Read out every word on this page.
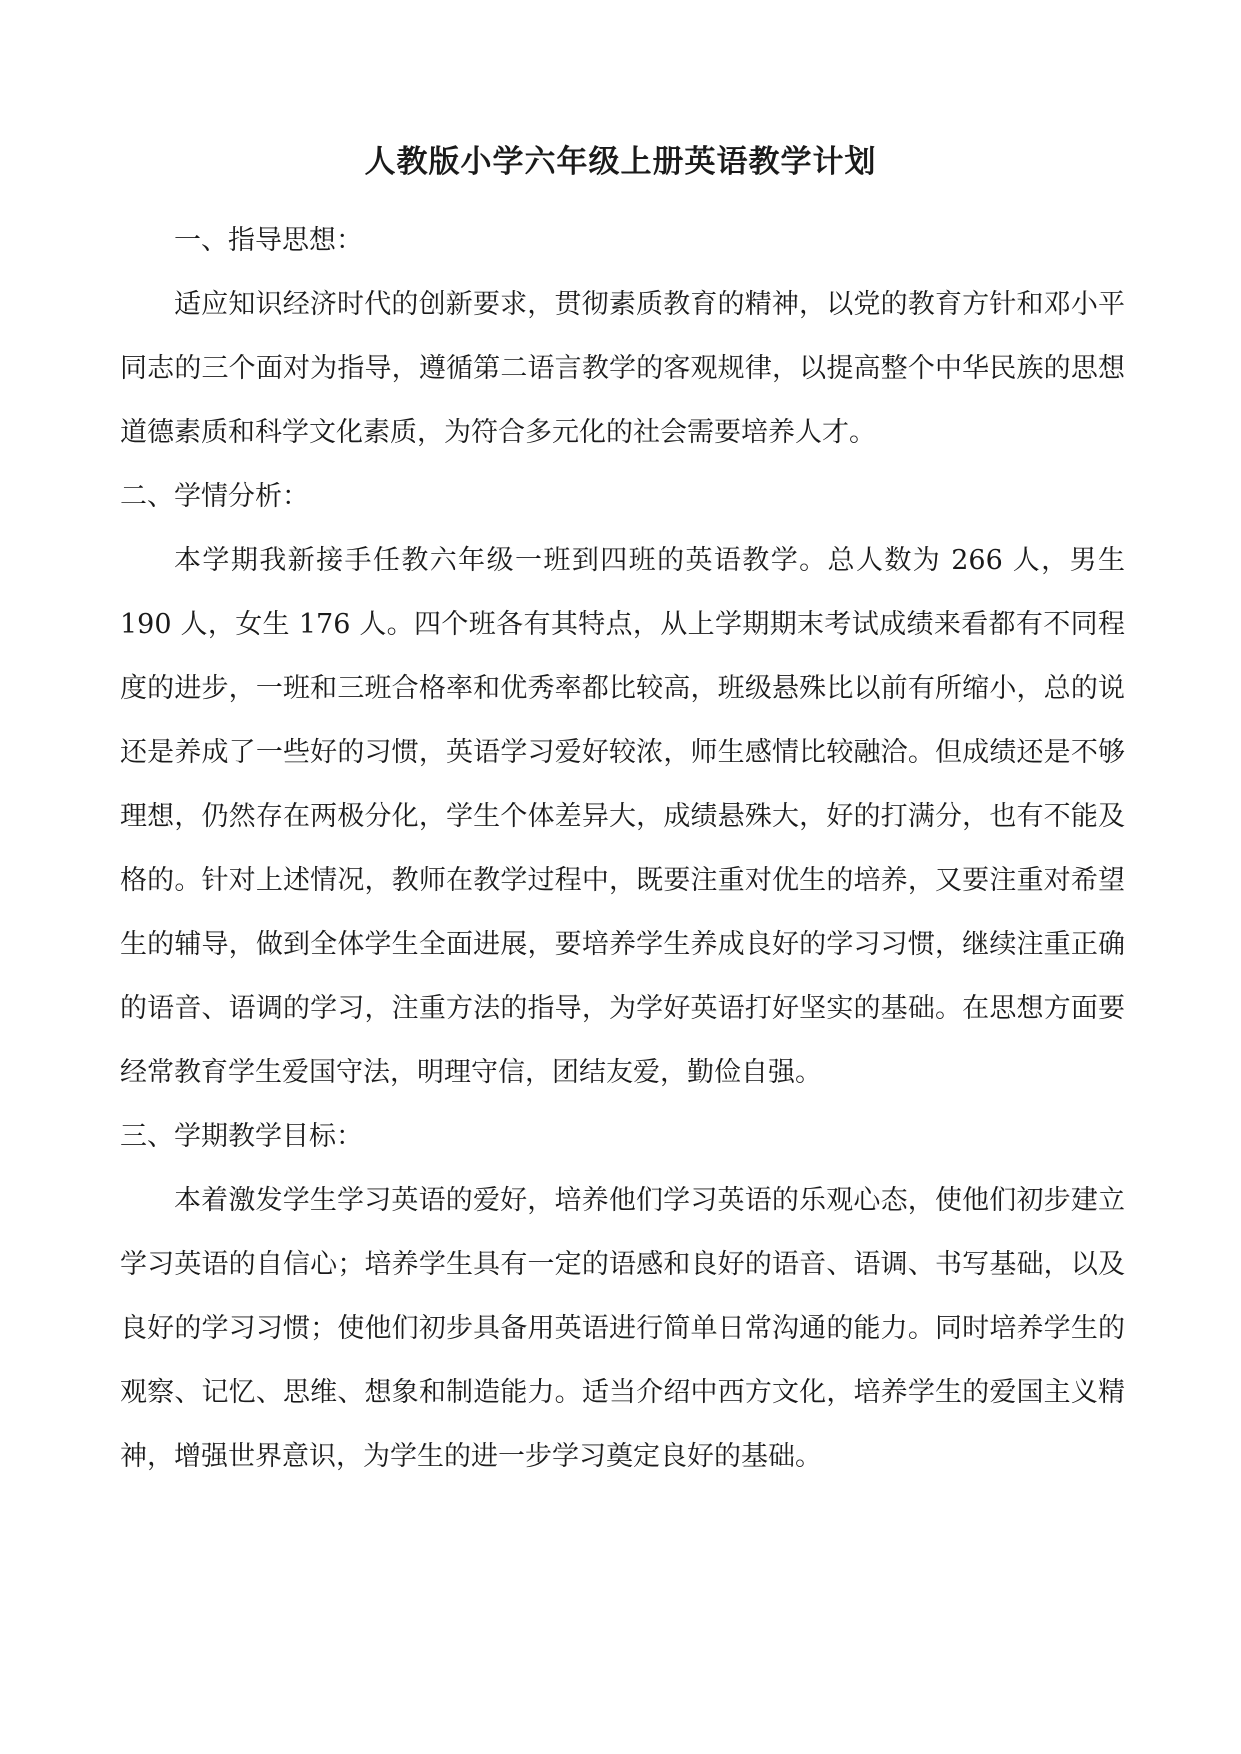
人教版小学六年级上册英语教学计划

一、指导思想：

适应知识经济时代的创新要求，贯彻素质教育的精神，以党的教育方针和邓小平同志的三个面对为指导，遵循第二语言教学的客观规律，以提高整个中华民族的思想道德素质和科学文化素质，为符合多元化的社会需要培养人才。

二、学情分析：

本学期我新接手任教六年级一班到四班的英语教学。总人数为 266 人，男生 190 人，女生 176 人。四个班各有其特点，从上学期期末考试成绩来看都有不同程度的进步，一班和三班合格率和优秀率都比较高，班级悬殊比以前有所缩小，总的说还是养成了一些好的习惯，英语学习爱好较浓，师生感情比较融洽。但成绩还是不够理想，仍然存在两极分化，学生个体差异大，成绩悬殊大，好的打满分，也有不能及格的。针对上述情况，教师在教学过程中，既要注重对优生的培养，又要注重对希望生的辅导，做到全体学生全面进展，要培养学生养成良好的学习习惯，继续注重正确的语音、语调的学习，注重方法的指导，为学好英语打好坚实的基础。在思想方面要经常教育学生爱国守法，明理守信，团结友爱，勤俭自强。

三、学期教学目标：

本着激发学生学习英语的爱好，培养他们学习英语的乐观心态，使他们初步建立学习英语的自信心；培养学生具有一定的语感和良好的语音、语调、书写基础，以及良好的学习习惯；使他们初步具备用英语进行简单日常沟通的能力。同时培养学生的观察、记忆、思维、想象和制造能力。适当介绍中西方文化，培养学生的爱国主义精神，增强世界意识，为学生的进一步学习奠定良好的基础。
